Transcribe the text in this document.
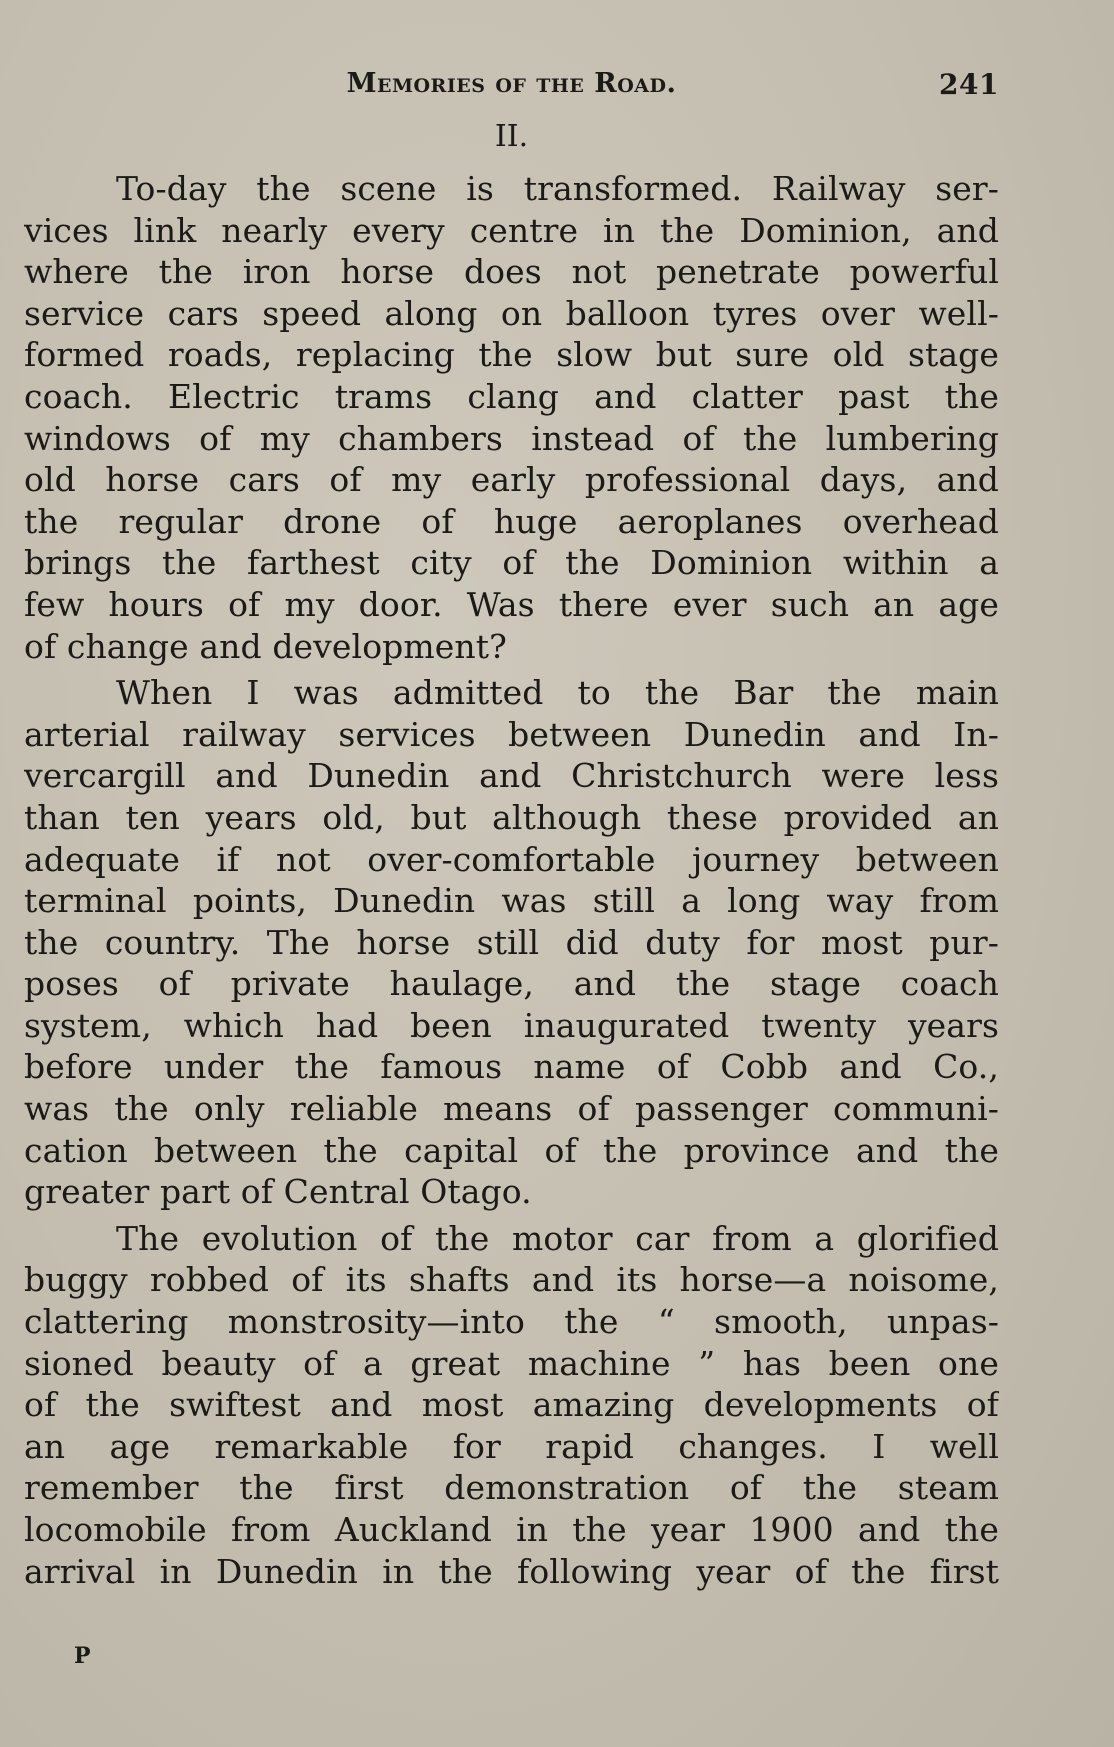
Memories of the Road.	241
II.

To-day the scene is transformed. Railway ser-
vices link nearly every centre in the Dominion, and
where the iron horse does not penetrate powerful
service cars speed along on balloon tyres over well-
formed roads, replacing the slow but sure old stage
coach. Electric trams clang and clatter past the
windows of my chambers instead of the lumbering
old horse cars of my early professional days, and
the regular drone of huge aeroplanes overhead
brings the farthest city of the Dominion within a
few hours of my door. Was there ever such an age
of change and development?

When I was admitted to the Bar the main
arterial railway services between Dunedin and In-
vercargill and Dunedin and Christchurch were less
than ten years old, but although these provided an
adequate if not over-comfortable journey between
terminal points, Dunedin was still a long way from
the country. The horse still did duty for most pur-
poses of private haulage, and the stage coach
system, which had been inaugurated twenty years
before under the famous name of Cobb and Co.,
was the only reliable means of passenger communi-
cation between the capital of the province and the
greater part of Central Otago.

The evolution of the motor car from a glorified
buggy robbed of its shafts and its horse—a noisome,
clattering monstrosity—into the “ smooth, unpas-
sioned beauty of a great machine ” has been one
of the swiftest and most amazing developments of
an age remarkable for rapid changes. I well
remember the first demonstration of the steam
locomobile from Auckland in the year 1900 and the
arrival in Dunedin in the following year of the first

P
